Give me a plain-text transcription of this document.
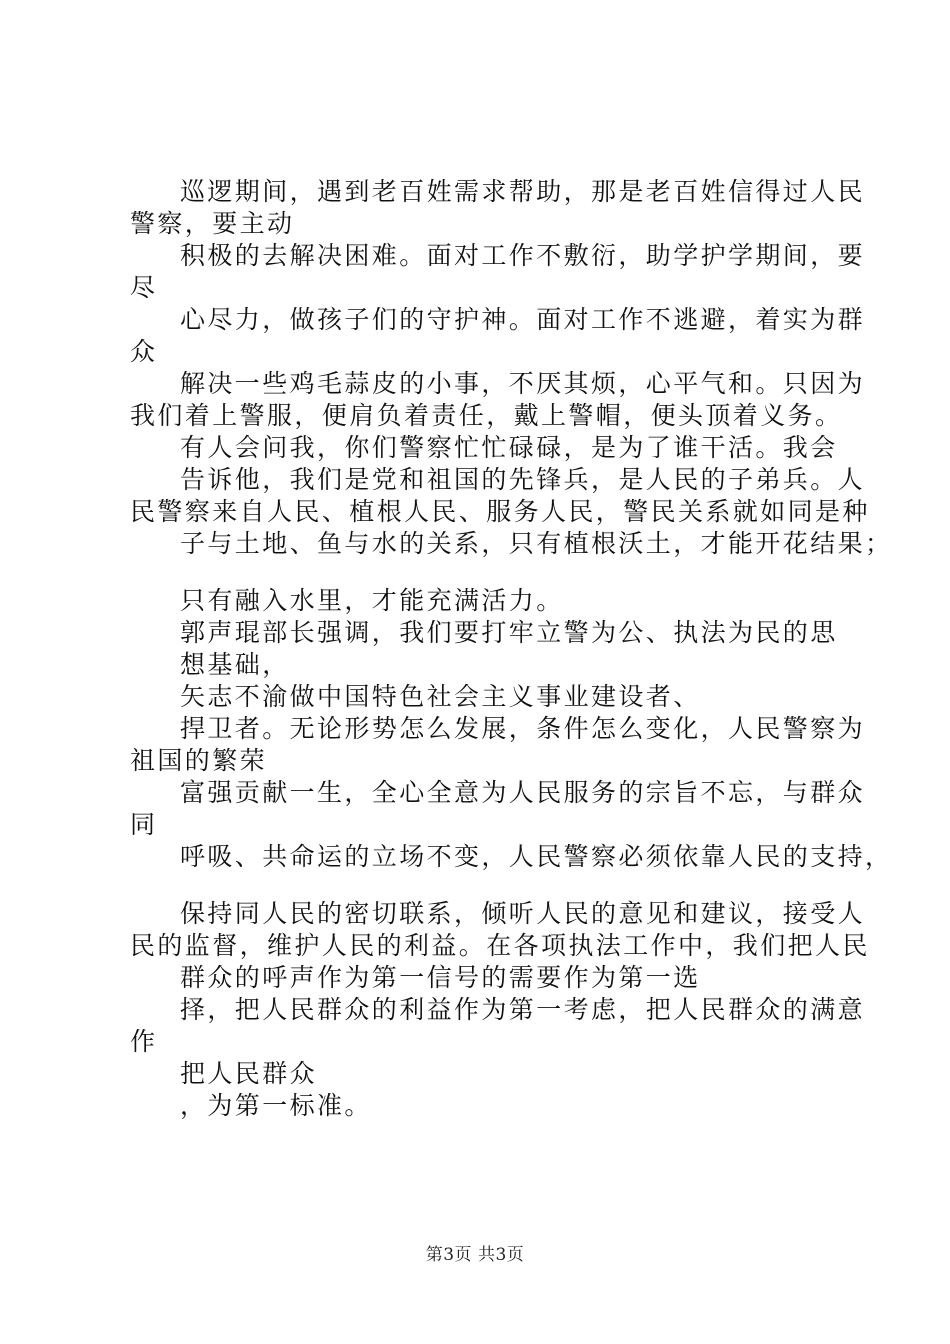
巡逻期间，遇到老百姓需求帮助，那是老百姓信得过人民
警察，要主动
积极的去解决困难。面对工作不敷衍，助学护学期间，要
尽
心尽力，做孩子们的守护神。面对工作不逃避，着实为群
众
解决一些鸡毛蒜皮的小事，不厌其烦，心平气和。只因为
我们着上警服，便肩负着责任，戴上警帽，便头顶着义务。
有人会问我，你们警察忙忙碌碌，是为了谁干活。我会
告诉他，我们是党和祖国的先锋兵，是人民的子弟兵。人
民警察来自人民、植根人民、服务人民，警民关系就如同是种
子与土地、鱼与水的关系，只有植根沃土，才能开花结果；
只有融入水里，才能充满活力。
郭声琨部长强调，我们要打牢立警为公、执法为民的思
想基础，
矢志不渝做中国特色社会主义事业建设者、
捍卫者。无论形势怎么发展，条件怎么变化，人民警察为
祖国的繁荣
富强贡献一生，全心全意为人民服务的宗旨不忘，与群众
同
呼吸、共命运的立场不变，人民警察必须依靠人民的支持，
保持同人民的密切联系，倾听人民的意见和建议，接受人
民的监督，维护人民的利益。在各项执法工作中，我们把人民
群众的呼声作为第一信号的需要作为第一选
择，把人民群众的利益作为第一考虑，把人民群众的满意
作
把人民群众
，为第一标准。
第3页 共3页
